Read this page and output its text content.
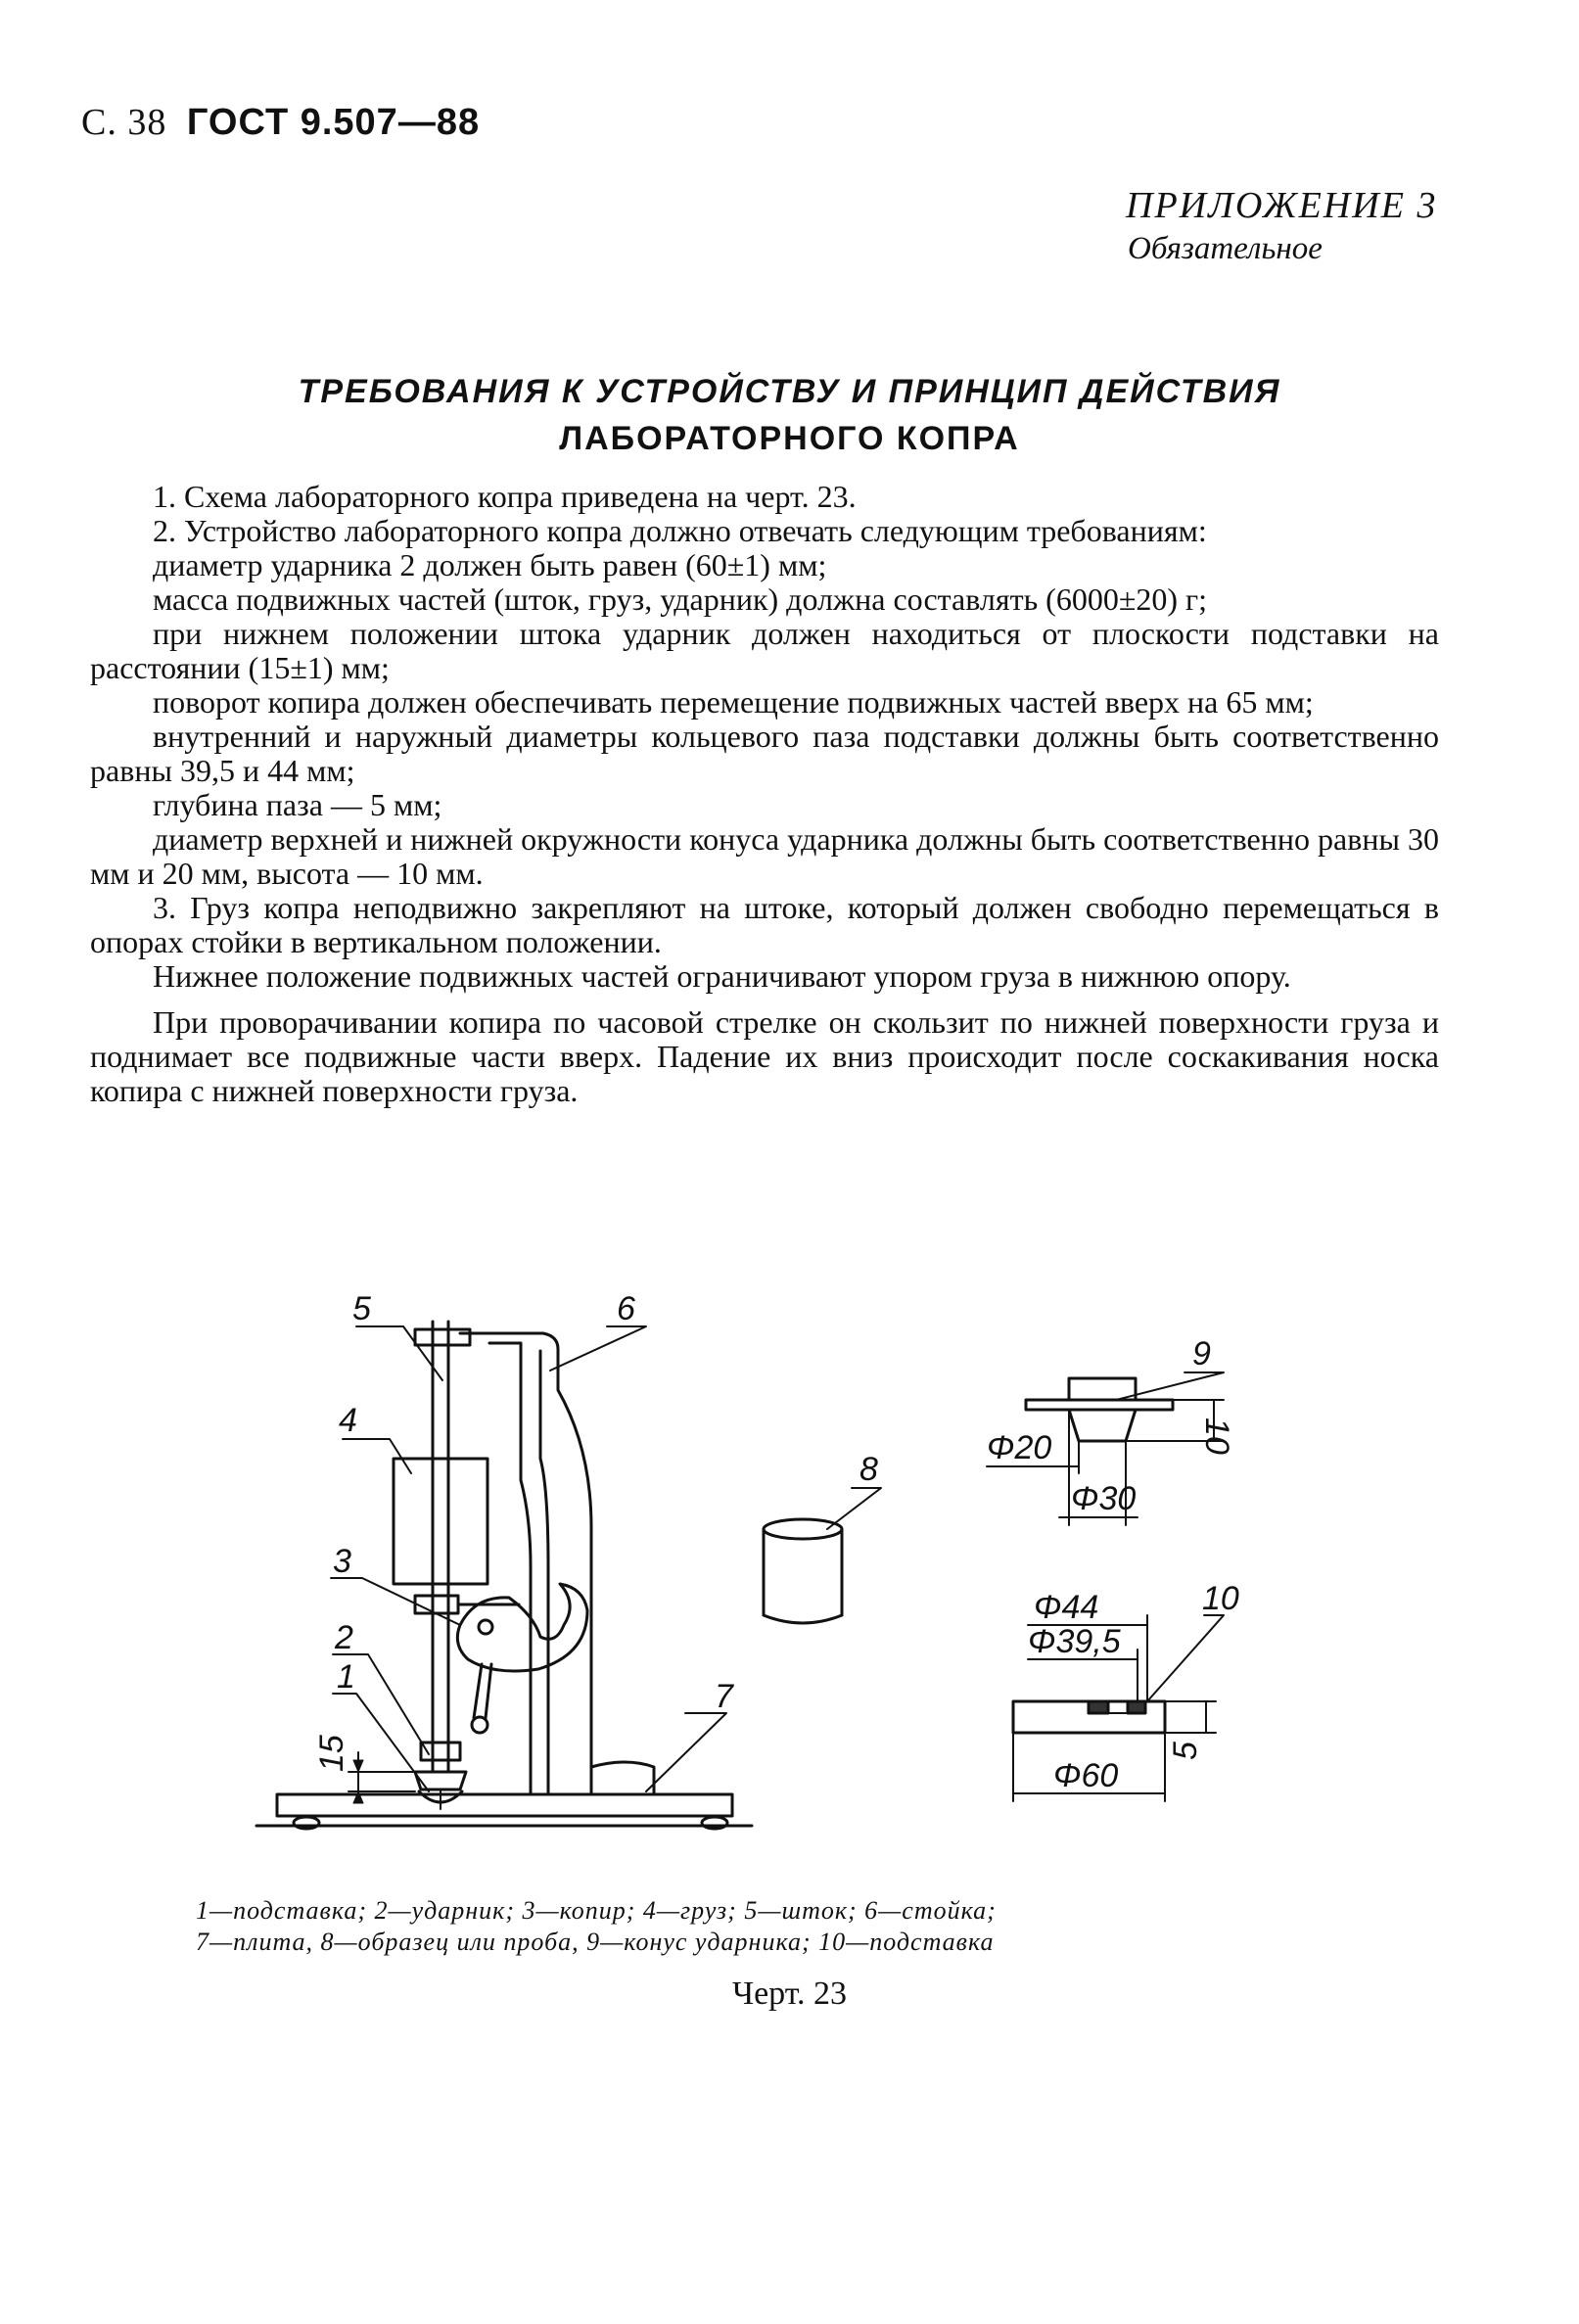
С. 38 ГОСТ 9.507—88
ПРИЛОЖЕНИЕ 3
Обязательное
ТРЕБОВАНИЯ К УСТРОЙСТВУ И ПРИНЦИП ДЕЙСТВИЯ
ЛАБОРАТОРНОГО КОПРА

1. Схема лабораторного копра приведена на черт. 23.

2. Устройство лабораторного копра должно отвечать следующим требованиям:

диаметр ударника 2 должен быть равен (60±1) мм;

масса подвижных частей (шток, груз, ударник) должна составлять (6000±20) г;

при нижнем положении штока ударник должен находиться от плоскости подставки на расстоянии (15±1) мм;

поворот копира должен обеспечивать перемещение подвижных частей вверх на 65 мм;

внутренний и наружный диаметры кольцевого паза подставки должны быть соответственно равны 39,5 и 44 мм;

глубина паза — 5 мм;

диаметр верхней и нижней окружности конуса ударника должны быть соответственно равны 30 мм и 20 мм, высота — 10 мм.

3. Груз копра неподвижно закрепляют на штоке, который должен свободно перемещаться в опорах стойки в вертикальном положении.

Нижнее положение подвижных частей ограничивают упором груза в нижнюю опору.

При проворачивании копира по часовой стрелке он скользит по нижней поверхности груза и поднимает все подвижные части вверх. Падение их вниз происходит после соскакивания носка копира с нижней поверхности груза.

5	6
4
3
2
1
7
15
8
9
Φ20
Φ30
10
10
Φ44
Φ39,5
Φ60
5
1—подставка; 2—ударник; 3—копир; 4—груз; 5—шток; 6—стойка;
7—плита, 8—образец или проба, 9—конус ударника; 10—подставка
Черт. 23
